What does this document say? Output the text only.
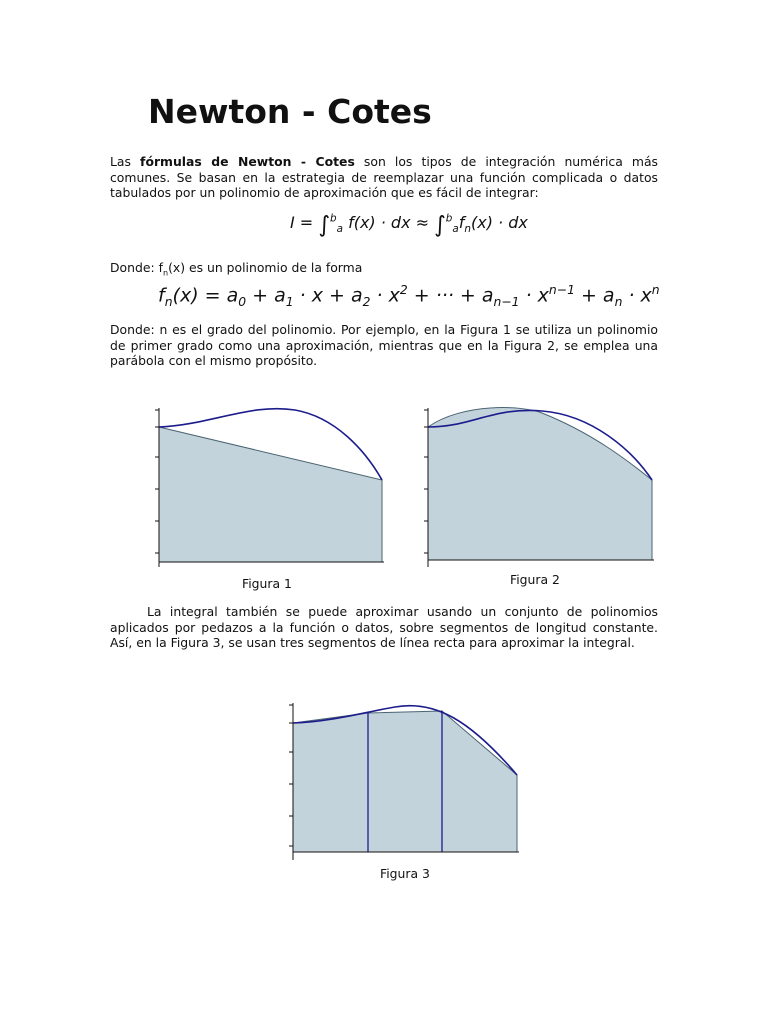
Newton - Cotes

Las fórmulas de Newton - Cotes son los tipos de integración numérica más comunes. Se basan en la estrategia de reemplazar una función complicada o datos tabulados por un polinomio de aproximación que es fácil de integrar:

I = ∫$^b_a$ f(x) · dx ≈ $\int^b_af_n(x)$ · dx

Donde: $f_n(x)$ es un polinomio de la forma

$f_n(x) = a_0 + a_1 \cdot x + a_2 \cdot x^2$ + ··· + $a_{n-1} \cdot x^{n-1} + a_n \cdot x^n$

Donde: n es el grado del polinomio. Por ejemplo, en la Figura 1 se utiliza un polinomio de primer grado como una aproximación, mientras que en la Figura 2, se emplea una parábola con el mismo propósito.

Figura 1	Figura 2

La integral también se puede aproximar usando un conjunto de polinomios aplicados por pedazos a la función o datos, sobre segmentos de longitud constante. Así, en la Figura 3, se usan tres segmentos de línea recta para aproximar la integral.

Figura 3
